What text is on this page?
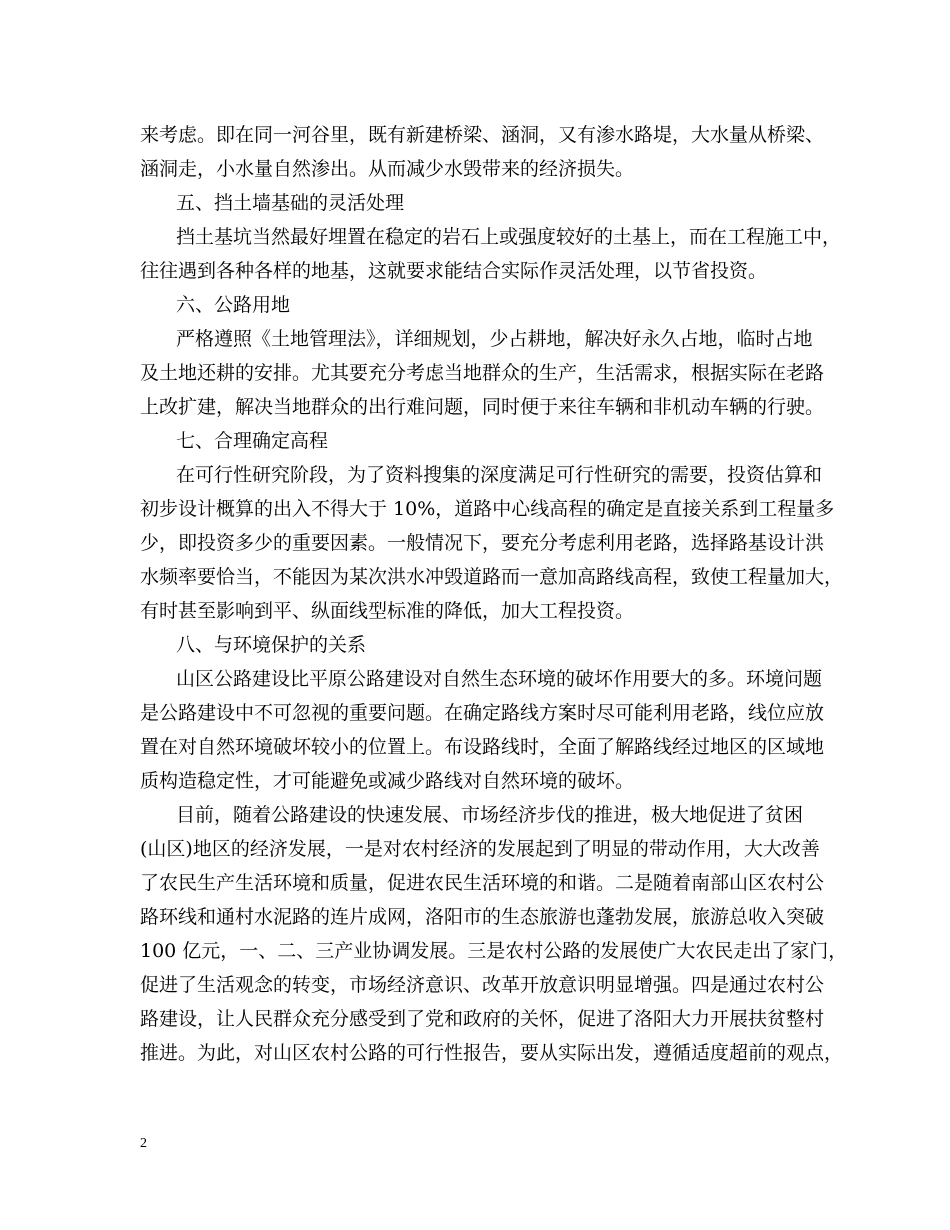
来考虑。即在同一河谷里，既有新建桥梁、涵洞，又有渗水路堤，大水量从桥梁、
涵洞走，小水量自然渗出。从而减少水毁带来的经济损失。

五、挡土墙基础的灵活处理

挡土基坑当然最好埋置在稳定的岩石上或强度较好的土基上，而在工程施工中，
往往遇到各种各样的地基，这就要求能结合实际作灵活处理，以节省投资。

六、公路用地

严格遵照《土地管理法》，详细规划，少占耕地，解决好永久占地，临时占地
及土地还耕的安排。尤其要充分考虑当地群众的生产，生活需求，根据实际在老路
上改扩建，解决当地群众的出行难问题，同时便于来往车辆和非机动车辆的行驶。

七、合理确定高程

在可行性研究阶段，为了资料搜集的深度满足可行性研究的需要，投资估算和
初步设计概算的出入不得大于 10%，道路中心线高程的确定是直接关系到工程量多
少，即投资多少的重要因素。一般情况下，要充分考虑利用老路，选择路基设计洪
水频率要恰当，不能因为某次洪水冲毁道路而一意加高路线高程，致使工程量加大，
有时甚至影响到平、纵面线型标准的降低，加大工程投资。

八、与环境保护的关系

山区公路建设比平原公路建设对自然生态环境的破坏作用要大的多。环境问题
是公路建设中不可忽视的重要问题。在确定路线方案时尽可能利用老路，线位应放
置在对自然环境破坏较小的位置上。布设路线时，全面了解路线经过地区的区域地
质构造稳定性，才可能避免或减少路线对自然环境的破坏。

目前，随着公路建设的快速发展、市场经济步伐的推进，极大地促进了贫困
(山区)地区的经济发展，一是对农村经济的发展起到了明显的带动作用，大大改善
了农民生产生活环境和质量，促进农民生活环境的和谐。二是随着南部山区农村公
路环线和通村水泥路的连片成网，洛阳市的生态旅游也蓬勃发展，旅游总收入突破
100 亿元，一、二、三产业协调发展。三是农村公路的发展使广大农民走出了家门，
促进了生活观念的转变，市场经济意识、改革开放意识明显增强。四是通过农村公
路建设，让人民群众充分感受到了党和政府的关怀，促进了洛阳大力开展扶贫整村
推进。为此，对山区农村公路的可行性报告，要从实际出发，遵循适度超前的观点，

2
